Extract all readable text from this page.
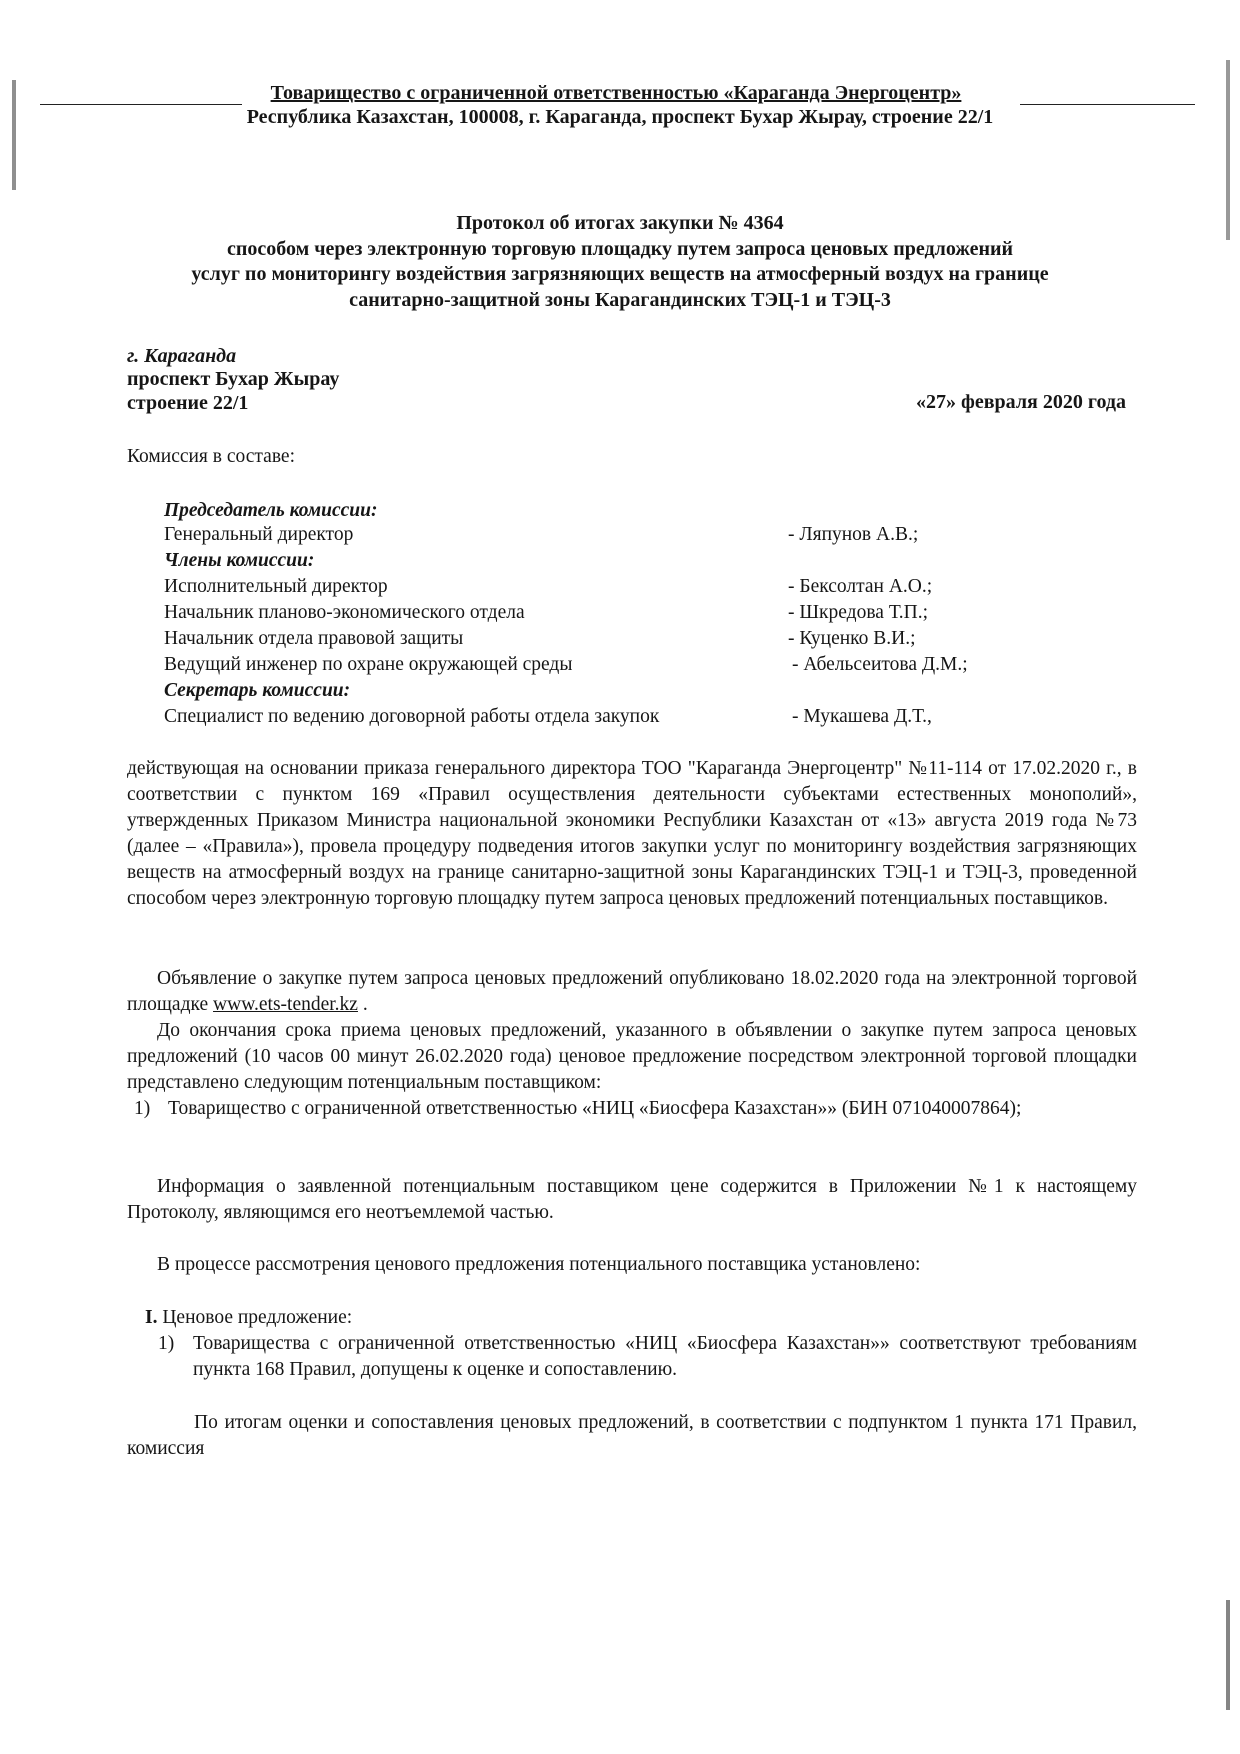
Товарищество с ограниченной ответственностью «Караганда Энергоцентр»
Республика Казахстан, 100008, г. Караганда, проспект Бухар Жырау, строение 22/1
Протокол об итогах закупки № 4364
способом через электронную торговую площадку путем запроса ценовых предложений
услуг по мониторингу воздействия загрязняющих веществ на атмосферный воздух на границе
санитарно-защитной зоны Карагандинских ТЭЦ-1 и ТЭЦ-3
г. Караганда
проспект Бухар Жырау
строение 22/1	«27» февраля 2020 года
Комиссия в составе:
Председатель комиссии:
Генеральный директор	- Ляпунов А.В.;
Члены комиссии:
Исполнительный директор	- Бексолтан А.О.;
Начальник планово-экономического отдела	- Шкредова Т.П.;
Начальник отдела правовой защиты	- Куценко В.И.;
Ведущий инженер по охране окружающей среды	- Абельсеитова Д.М.;
Секретарь комиссии:
Специалист по ведению договорной работы отдела закупок	- Мукашева Д.Т.,
действующая на основании приказа генерального директора ТОО "Караганда Энергоцентр" №11-114 от 17.02.2020 г., в соответствии с пунктом 169 «Правил осуществления деятельности субъектами естественных монополий», утвержденных Приказом Министра национальной экономики Республики Казахстан от «13» августа 2019 года №73 (далее – «Правила»), провела процедуру подведения итогов закупки услуг по мониторингу воздействия загрязняющих веществ на атмосферный воздух на границе санитарно-защитной зоны Карагандинских ТЭЦ-1 и ТЭЦ-3, проведенной способом через электронную торговую площадку путем запроса ценовых предложений потенциальных поставщиков.
Объявление о закупке путем запроса ценовых предложений опубликовано 18.02.2020 года на электронной торговой площадке www.ets-tender.kz .
До окончания срока приема ценовых предложений, указанного в объявлении о закупке путем запроса ценовых предложений (10 часов 00 минут 26.02.2020 года) ценовое предложение посредством электронной торговой площадки представлено следующим потенциальным поставщиком:
1) Товарищество с ограниченной ответственностью «НИЦ «Биосфера Казахстан»» (БИН 071040007864);
Информация о заявленной потенциальным поставщиком цене содержится в Приложении №1 к настоящему Протоколу, являющимся его неотъемлемой частью.
В процессе рассмотрения ценового предложения потенциального поставщика установлено:
I. Ценовое предложение:
1) Товарищества с ограниченной ответственностью «НИЦ «Биосфера Казахстан»» соответствуют требованиям пункта 168 Правил, допущены к оценке и сопоставлению.
По итогам оценки и сопоставления ценовых предложений, в соответствии с подпунктом 1 пункта 171 Правил, комиссия
